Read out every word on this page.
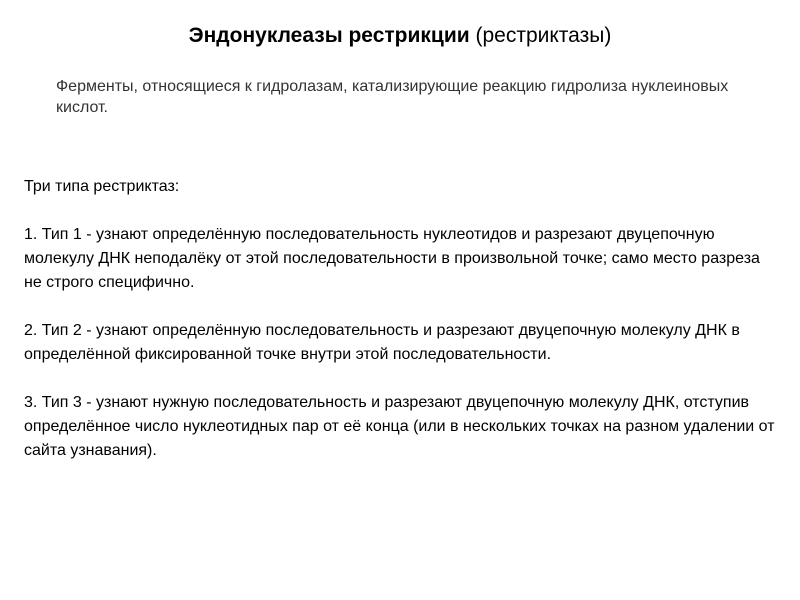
Эндонуклеазы рестрикции (рестриктазы)
Ферменты, относящиеся к гидролазам, катализирующие реакцию гидролиза нуклеиновых кислот.

Три типа рестриктаз:

1. Тип 1 - узнают определённую последовательность нуклеотидов и разрезают двуцепочную молекулу ДНК неподалёку от этой последовательности в произвольной точке; само место разреза не строго специфично.

2. Тип 2 - узнают определённую последовательность и разрезают двуцепочную молекулу ДНК в определённой фиксированной точке внутри этой последовательности.

3. Тип 3 - узнают нужную последовательность и разрезают двуцепочную молекулу ДНК, отступив определённое число нуклеотидных пар от её конца (или в нескольких точках на разном удалении от сайта узнавания).
